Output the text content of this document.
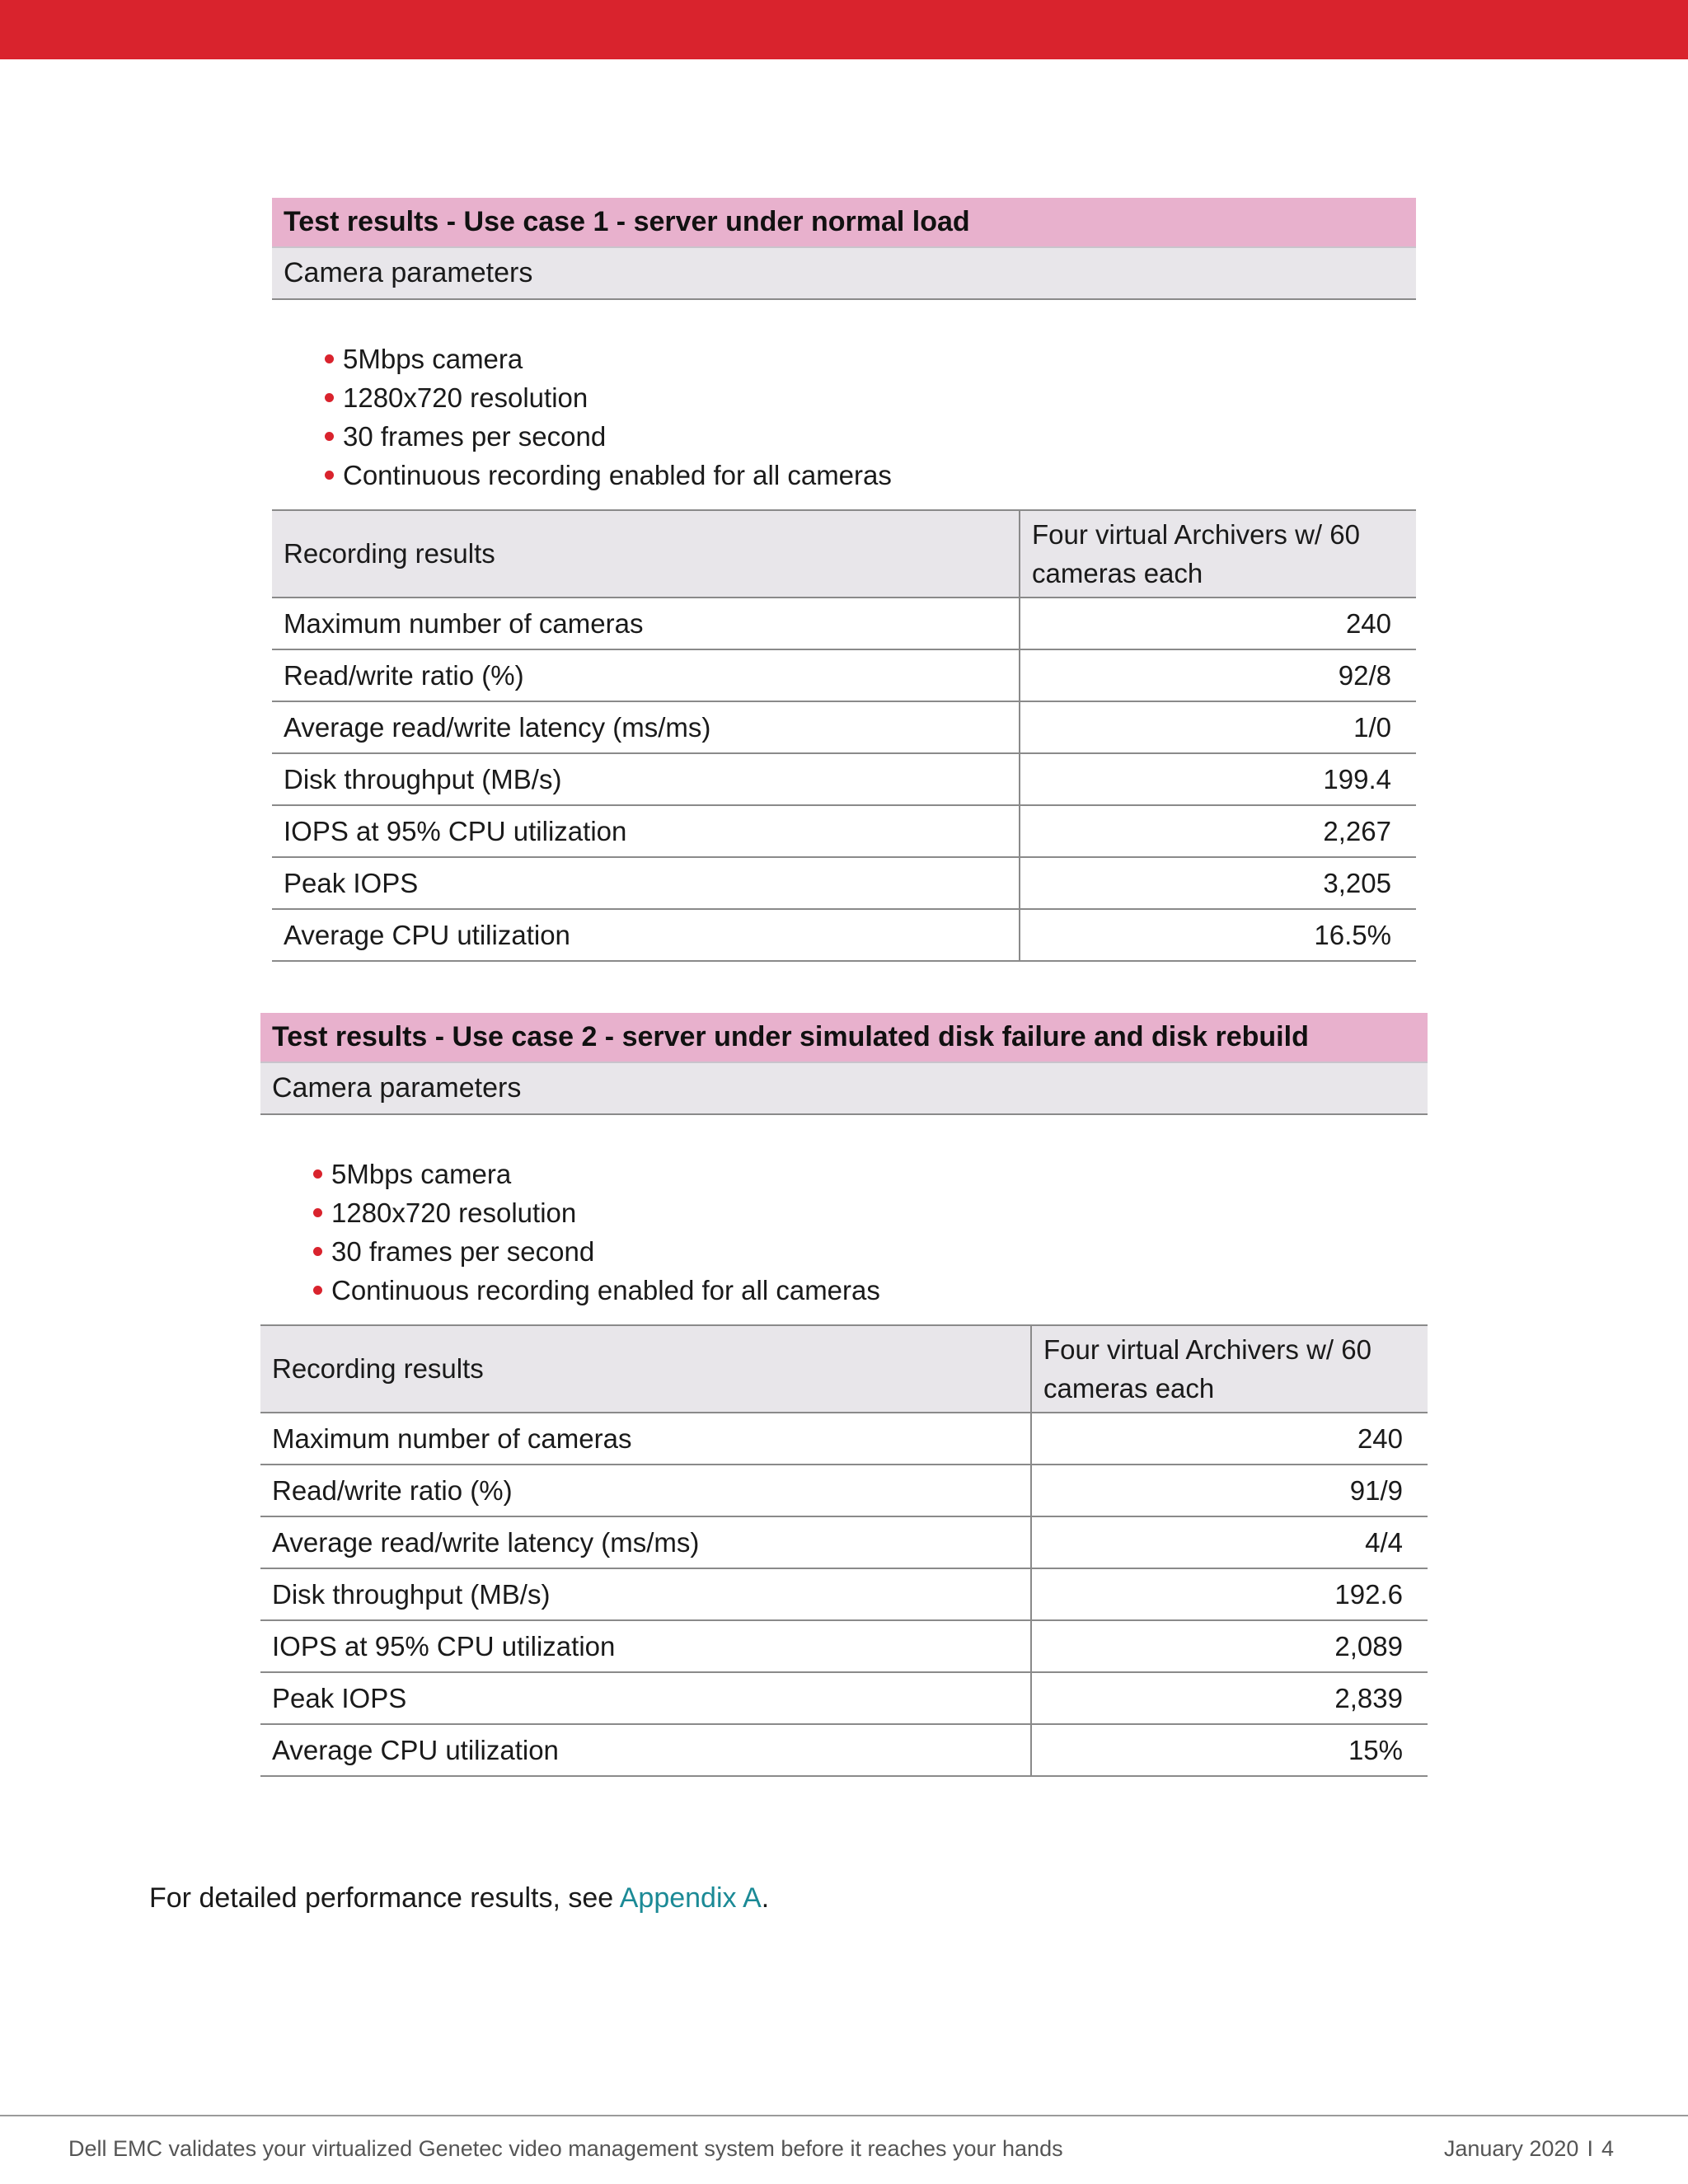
Test results - Use case 1 - server under normal load
Camera parameters
5Mbps camera
1280x720 resolution
30 frames per second
Continuous recording enabled for all cameras
Recording results	Four virtual Archivers w/ 60 cameras each
Maximum number of cameras	240
Read/write ratio (%)	92/8
Average read/write latency (ms/ms)	1/0
Disk throughput (MB/s)	199.4
IOPS at 95% CPU utilization	2,267
Peak IOPS	3,205
Average CPU utilization	16.5%
Test results - Use case 2 - server under simulated disk failure and disk rebuild
Camera parameters
5Mbps camera
1280x720 resolution
30 frames per second
Continuous recording enabled for all cameras
Recording results	Four virtual Archivers w/ 60 cameras each
Maximum number of cameras	240
Read/write ratio (%)	91/9
Average read/write latency (ms/ms)	4/4
Disk throughput (MB/s)	192.6
IOPS at 95% CPU utilization	2,089
Peak IOPS	2,839
Average CPU utilization	15%

For detailed performance results, see Appendix A.

Dell EMC validates your virtualized Genetec video management system before it reaches your hands	January 2020 I 4
